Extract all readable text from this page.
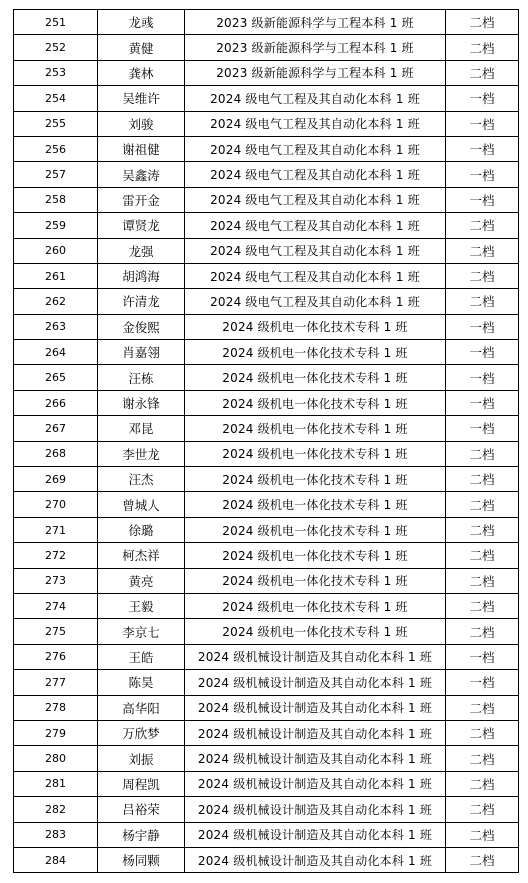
251	龙彧	2023 级新能源科学与工程本科 1 班	二档
252	黄健	2023 级新能源科学与工程本科 1 班	二档
253	龚林	2023 级新能源科学与工程本科 1 班	二档
254	吴维许	2024 级电气工程及其自动化本科 1 班	一档
255	刘骏	2024 级电气工程及其自动化本科 1 班	一档
256	谢祖健	2024 级电气工程及其自动化本科 1 班	一档
257	吴鑫涛	2024 级电气工程及其自动化本科 1 班	一档
258	雷开金	2024 级电气工程及其自动化本科 1 班	一档
259	谭贤龙	2024 级电气工程及其自动化本科 1 班	二档
260	龙强	2024 级电气工程及其自动化本科 1 班	二档
261	胡鸿海	2024 级电气工程及其自动化本科 1 班	二档
262	许清龙	2024 级电气工程及其自动化本科 1 班	二档
263	金俊熙	2024 级机电一体化技术专科 1 班	一档
264	肖嘉翎	2024 级机电一体化技术专科 1 班	一档
265	汪栋	2024 级机电一体化技术专科 1 班	一档
266	谢永锋	2024 级机电一体化技术专科 1 班	一档
267	邓昆	2024 级机电一体化技术专科 1 班	一档
268	李世龙	2024 级机电一体化技术专科 1 班	二档
269	汪杰	2024 级机电一体化技术专科 1 班	二档
270	曾城人	2024 级机电一体化技术专科 1 班	二档
271	徐璐	2024 级机电一体化技术专科 1 班	二档
272	柯杰祥	2024 级机电一体化技术专科 1 班	二档
273	黄亮	2024 级机电一体化技术专科 1 班	二档
274	王毅	2024 级机电一体化技术专科 1 班	二档
275	李京七	2024 级机电一体化技术专科 1 班	二档
276	王皓	2024 级机械设计制造及其自动化本科 1 班	一档
277	陈昊	2024 级机械设计制造及其自动化本科 1 班	一档
278	高华阳	2024 级机械设计制造及其自动化本科 1 班	二档
279	万欣梦	2024 级机械设计制造及其自动化本科 1 班	二档
280	刘振	2024 级机械设计制造及其自动化本科 1 班	二档
281	周程凯	2024 级机械设计制造及其自动化本科 1 班	二档
282	吕裕荣	2024 级机械设计制造及其自动化本科 1 班	二档
283	杨宇静	2024 级机械设计制造及其自动化本科 1 班	二档
284	杨同颗	2024 级机械设计制造及其自动化本科 1 班	二档
